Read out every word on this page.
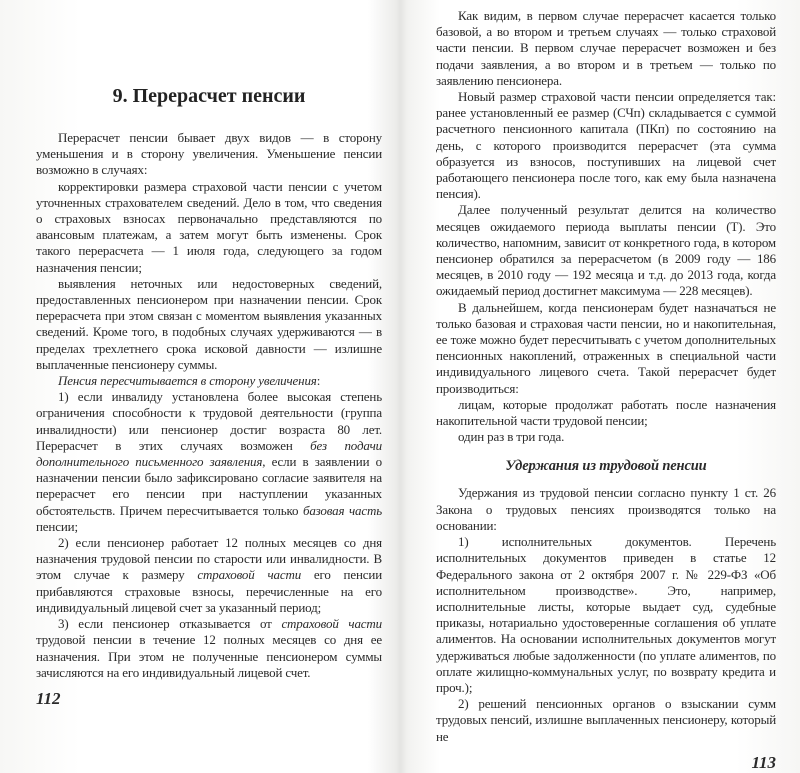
9. Перерасчет пенсии

Перерасчет пенсии бывает двух видов — в сторону уменьшения и в сторону увеличения. Уменьшение пенсии возможно в случаях:

корректировки размера страховой части пенсии с учетом уточненных страхователем сведений. Дело в том, что сведения о страховых взносах первоначально представляются по авансовым платежам, а затем могут быть изменены. Срок такого перерасчета — 1 июля года, следующего за годом назначения пенсии;

выявления неточных или недостоверных сведений, предоставленных пенсионером при назначении пенсии. Срок перерасчета при этом связан с моментом выявления указанных сведений. Кроме того, в подобных случаях удерживаются — в пределах трехлетнего срока исковой давности — излишне выплаченные пенсионеру суммы.

Пенсия пересчитывается в сторону увеличения:

1) если инвалиду установлена более высокая степень ограничения способности к трудовой деятельности (группа инвалидности) или пенсионер достиг возраста 80 лет. Перерасчет в этих случаях возможен без подачи дополнительного письменного заявления, если в заявлении о назначении пенсии было зафиксировано согласие заявителя на перерасчет его пенсии при наступлении указанных обстоятельств. Причем пересчитывается только базовая часть пенсии;

2) если пенсионер работает 12 полных месяцев со дня назначения трудовой пенсии по старости или инвалидности. В этом случае к размеру страховой части его пенсии прибавляются страховые взносы, перечисленные на его индивидуальный лицевой счет за указанный период;

3) если пенсионер отказывается от страховой части трудовой пенсии в течение 12 полных месяцев со дня ее назначения. При этом не полученные пенсионером суммы зачисляются на его индивидуальный лицевой счет.

112

Как видим, в первом случае перерасчет касается только базовой, а во втором и третьем случаях — только страховой части пенсии. В первом случае перерасчет возможен и без подачи заявления, а во втором и в третьем — только по заявлению пенсионера.

Новый размер страховой части пенсии определяется так: ранее установленный ее размер (СЧп) складывается с суммой расчетного пенсионного капитала (ПКп) по состоянию на день, с которого производится перерасчет (эта сумма образуется из взносов, поступивших на лицевой счет работающего пенсионера после того, как ему была назначена пенсия).

Далее полученный результат делится на количество месяцев ожидаемого периода выплаты пенсии (Т). Это количество, напомним, зависит от конкретного года, в котором пенсионер обратился за перерасчетом (в 2009 году — 186 месяцев, в 2010 году — 192 месяца и т.д. до 2013 года, когда ожидаемый период достигнет максимума — 228 месяцев).

В дальнейшем, когда пенсионерам будет назначаться не только базовая и страховая части пенсии, но и накопительная, ее тоже можно будет пересчитывать с учетом дополнительных пенсионных накоплений, отраженных в специальной части индивидуального лицевого счета. Такой перерасчет будет производиться:

лицам, которые продолжат работать после назначения накопительной части трудовой пенсии;

один раз в три года.

Удержания из трудовой пенсии

Удержания из трудовой пенсии согласно пункту 1 ст. 26 Закона о трудовых пенсиях производятся только на основании:

1) исполнительных документов. Перечень исполнительных документов приведен в статье 12 Федерального закона от 2 октября 2007 г. № 229-ФЗ «Об исполнительном производстве». Это, например, исполнительные листы, которые выдает суд, судебные приказы, нотариально удостоверенные соглашения об уплате алиментов. На основании исполнительных документов могут удерживаться любые задолженности (по уплате алиментов, по оплате жилищно-коммунальных услуг, по возврату кредита и проч.);

2) решений пенсионных органов о взыскании сумм трудовых пенсий, излишне выплаченных пенсионеру, который не

113
